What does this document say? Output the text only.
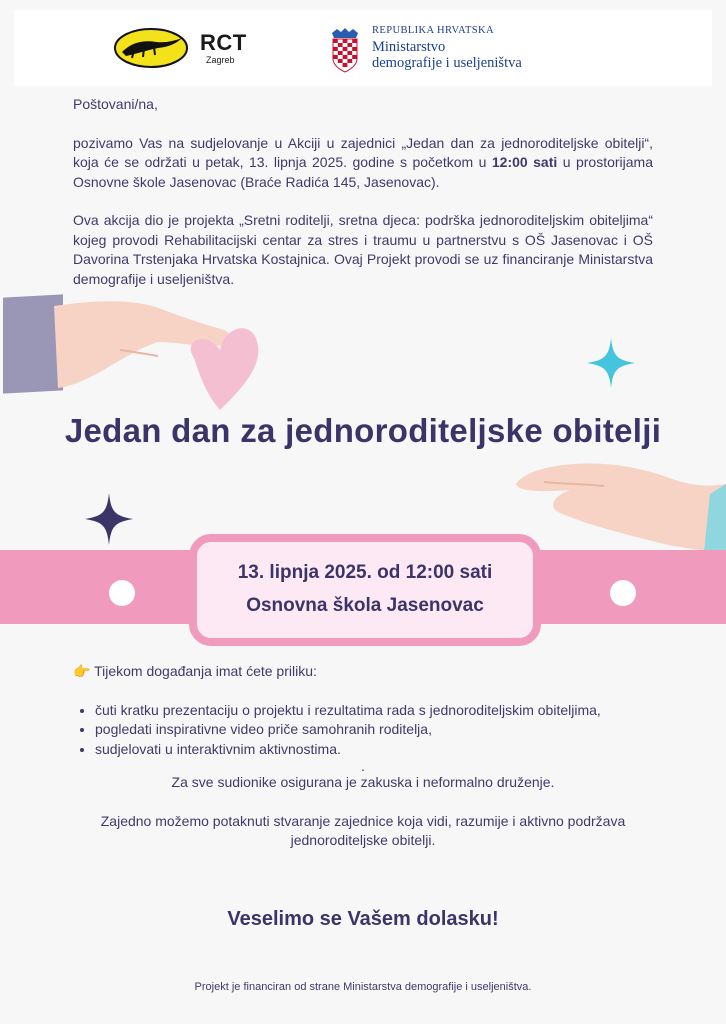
RCT
Zagreb
REPUBLIKA HRVATSKA
Ministarstvo
demografije i useljeništva

Poštovani/na,

pozivamo Vas na sudjelovanje u Akciji u zajednici „Jedan dan za jednoroditeljske obitelji“, koja će se održati u petak, 13. lipnja 2025. godine s početkom u 12:00 sati u prostorijama Osnovne škole Jasenovac (Braće Radića 145, Jasenovac).

Ova akcija dio je projekta „Sretni roditelji, sretna djeca: podrška jednoroditeljskim obiteljima“ kojeg provodi Rehabilitacijski centar za stres i traumu u partnerstvu s OŠ Jasenovac i OŠ Davorina Trstenjaka Hrvatska Kostajnica. Ovaj Projekt provodi se uz financiranje Ministarstva demografije i useljeništva.

Jedan dan za jednoroditeljske obitelji
13. lipnja 2025. od 12:00 sati
Osnovna škola Jasenovac

👉 Tijekom događanja imat ćete priliku:

• čuti kratku prezentaciju o projektu i rezultatima rada s jednoroditeljskim obiteljima,
• pogledati inspirativne video priče samohranih roditelja,
• sudjelovati u interaktivnim aktivnostima.

.

Za sve sudionike osigurana je zakuska i neformalno druženje.

Zajedno možemo potaknuti stvaranje zajednice koja vidi, razumije i aktivno podržava jednoroditeljske obitelji.

Veselimo se Vašem dolasku!
Projekt je financiran od strane Ministarstva demografije i useljeništva.
